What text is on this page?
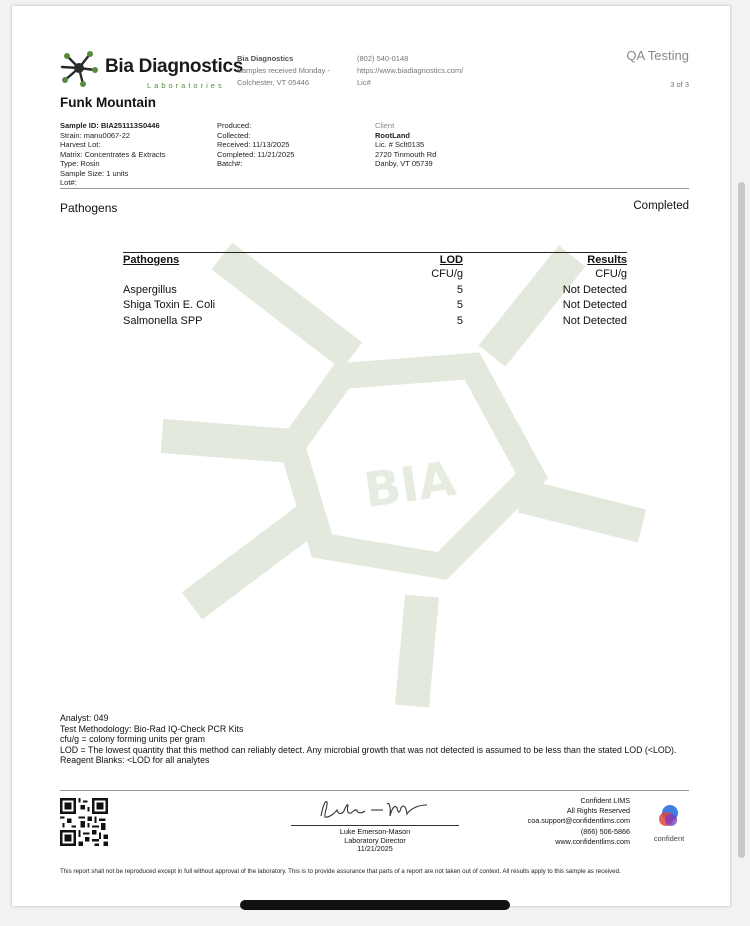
BIA
Bia Diagnostics
Laboratories
Bia Diagnostics
Samples received Monday -
Colchester, VT 05446
(802) 540-0148
https://www.biadiagnostics.com/
Lic#
QA Testing
3 of 3
Funk Mountain
Sample ID: BIA251113S0446
Strain: manu0067-22
Harvest Lot:
Matrix: Concentrates & Extracts
Type: Rosin
Sample Size: 1 units
Lot#:
Produced:
Collected:
Received: 11/13/2025
Completed: 11/21/2025
Batch#:
Client
RootLand
Lic. # Sclt0135
2720 Tinmouth Rd
Danby, VT 05739
Pathogens	Completed
Pathogens	LOD	Results
	CFU/g	CFU/g
Aspergillus	5	Not Detected
Shiga Toxin E. Coli	5	Not Detected
Salmonella SPP	5	Not Detected
Analyst: 049
Test Methodology: Bio-Rad IQ-Check PCR Kits
cfu/g = colony forming units per gram
LOD = The lowest quantity that this method can reliably detect. Any microbial growth that was not detected is assumed to be less than the stated LOD (<LOD).
Reagent Blanks: <LOD for all analytes
Luke Emerson-Mason
Laboratory Director
11/21/2025
Confident LIMS
All Rights Reserved
coa.support@confidentlims.com
(866) 506-5866
www.confidentlims.com	confident
This report shall not be reproduced except in full without approval of the laboratory. This is to provide assurance that parts of a report are not taken out of context. All results apply to this sample as received.
